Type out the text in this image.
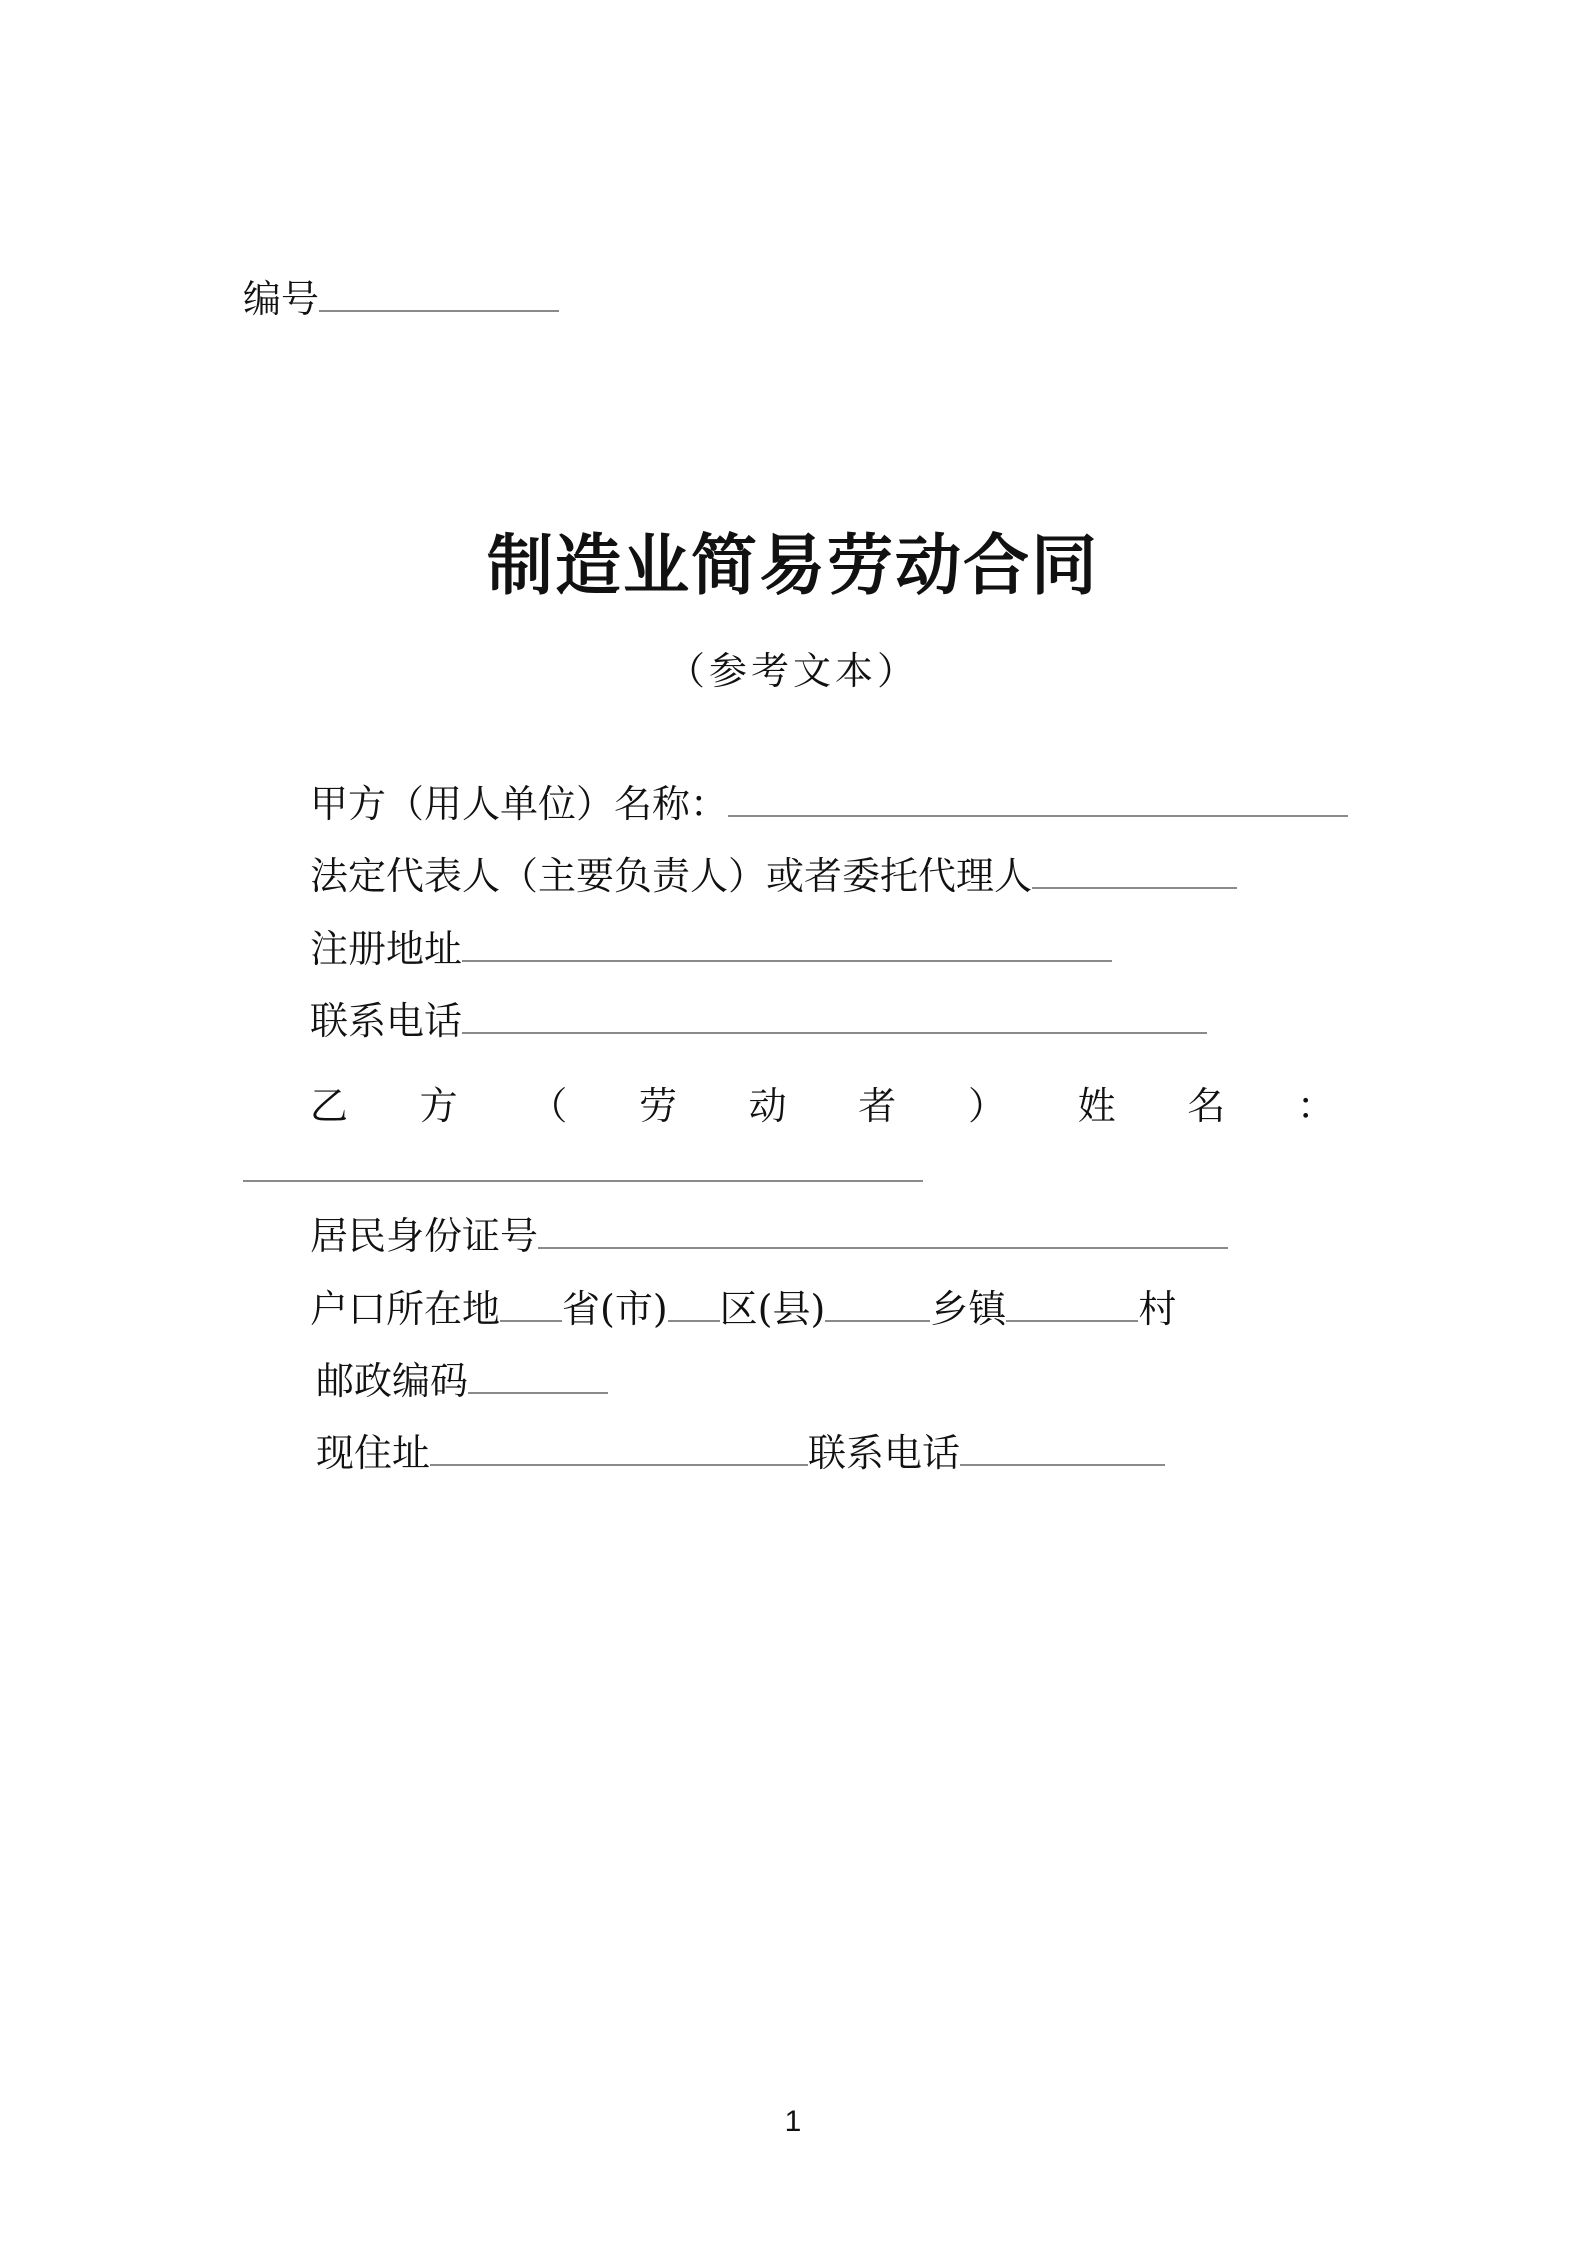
编号
制造业简易劳动合同
（参考文本）
甲方（用人单位）名称：
法定代表人（主要负责人）或者委托代理人
注册地址
联系电话
乙 方 （ 劳 动 者 ） 姓 名 ：
居民身份证号
户口所在地 省(市) 区(县)	乡镇	村
邮政编码
现住址	联系电话
1
